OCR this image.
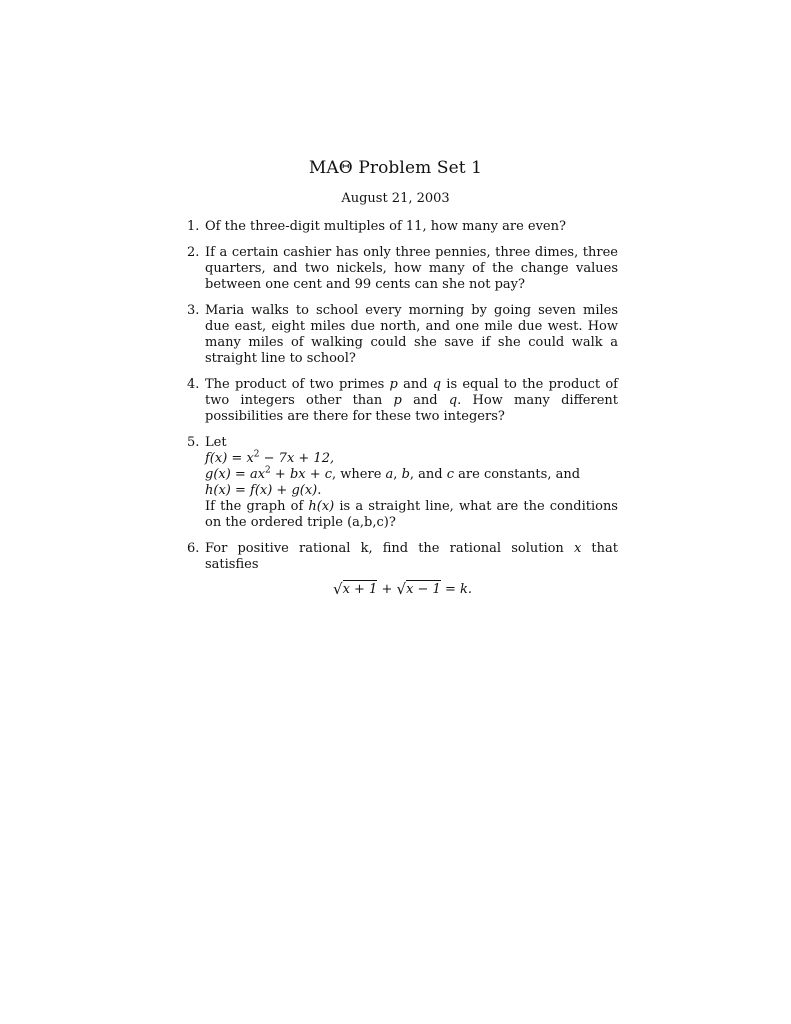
MAΘ Problem Set 1
August 21, 2003
1. Of the three-digit multiples of 11, how many are even?
2. If a certain cashier has only three pennies, three dimes, three quarters, and two nickels, how many of the change values between one cent and 99 cents can she not pay?
3. Maria walks to school every morning by going seven miles due east, eight miles due north, and one mile due west. How many miles of walking could she save if she could walk a straight line to school?
4. The product of two primes p and q is equal to the product of two integers other than p and q. How many different possibilities are there for these two integers?
5. Let
$f(x) = x^2 - 7x + 12$,
$g(x) = ax^2$ + bx + c, where a, b, and c are constants, and
h(x) = f(x) + g(x).
If the graph of h(x) is a straight line, what are the conditions on the ordered triple (a,b,c)?
6. For positive rational k, find the rational solution x that satisfies
√x + 1 + √x − 1 = k.
